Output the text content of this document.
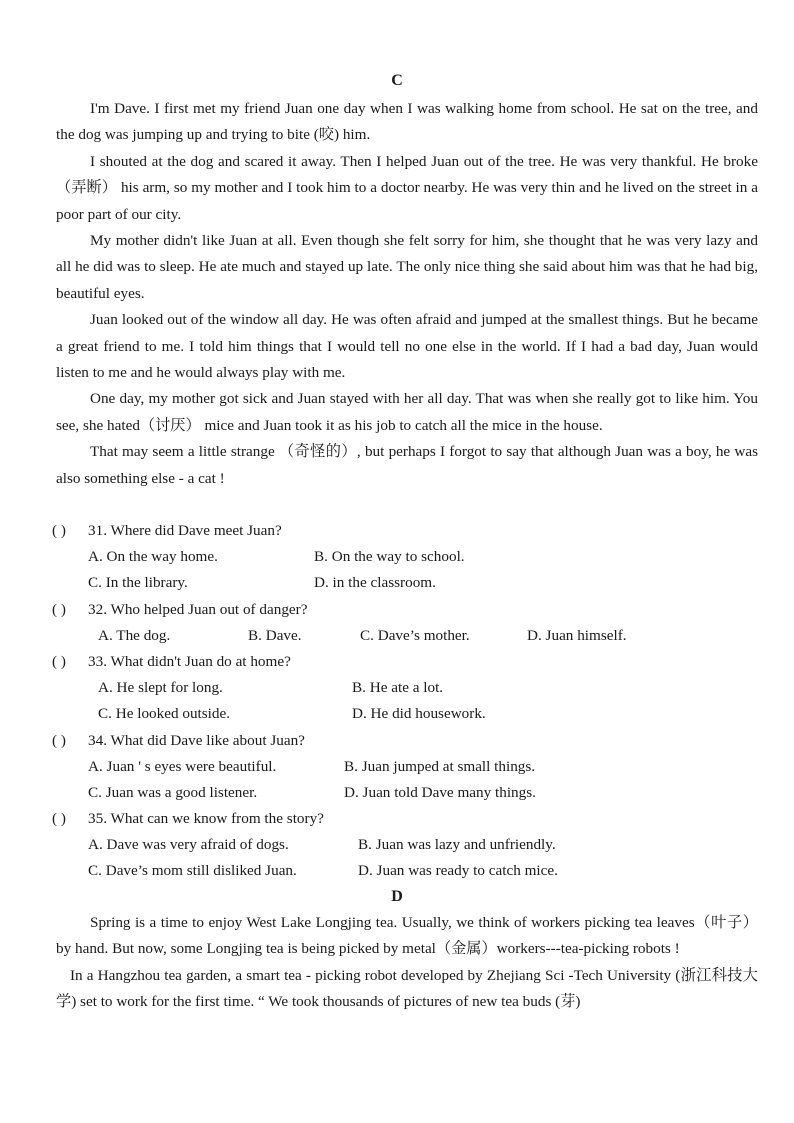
C

I'm Dave. I first met my friend Juan one day when I was walking home from school. He sat on the tree, and the dog was jumping up and trying to bite (咬) him.

I shouted at the dog and scared it away. Then I helped Juan out of the tree. He was very thankful. He broke（弄断） his arm, so my mother and I took him to a doctor nearby. He was very thin and he lived on the street in a poor part of our city.

My mother didn't like Juan at all. Even though she felt sorry for him, she thought that he was very lazy and all he did was to sleep. He ate much and stayed up late. The only nice thing she said about him was that he had big, beautiful eyes.

Juan looked out of the window all day. He was often afraid and jumped at the smallest things. But he became a great friend to me. I told him things that I would tell no one else in the world. If I had a bad day, Juan would listen to me and he would always play with me.

One day, my mother got sick and Juan stayed with her all day. That was when she really got to like him. You see, she hated（讨厌） mice and Juan took it as his job to catch all the mice in the house.

That may seem a little strange （奇怪的）, but perhaps I forgot to say that although Juan was a boy, he was also something else - a cat !

( ) 31. Where did Dave meet Juan?
A. On the way home.	B. On the way to school.
C. In the library.	D. in the classroom.
( ) 32. Who helped Juan out of danger?
A. The dog.	B. Dave.	C. Dave’s mother.	D. Juan himself.
( ) 33. What didn't Juan do at home?
A. He slept for long.	B. He ate a lot.
C. He looked outside.	D. He did housework.
( ) 34. What did Dave like about Juan?
A. Juan ' s eyes were beautiful.	B. Juan jumped at small things.
C. Juan was a good listener.	D. Juan told Dave many things.
( ) 35. What can we know from the story?
A. Dave was very afraid of dogs.	B. Juan was lazy and unfriendly.
C. Dave’s mom still disliked Juan.	D. Juan was ready to catch mice.
D

Spring is a time to enjoy West Lake Longjing tea. Usually, we think of workers picking tea leaves（叶子）by hand. But now, some Longjing tea is being picked by metal（金属）workers---tea-picking robots !

In a Hangzhou tea garden, a smart tea - picking robot developed by Zhejiang Sci -Tech University (浙江科技大学) set to work for the first time. “ We took thousands of pictures of new tea buds (芽)
